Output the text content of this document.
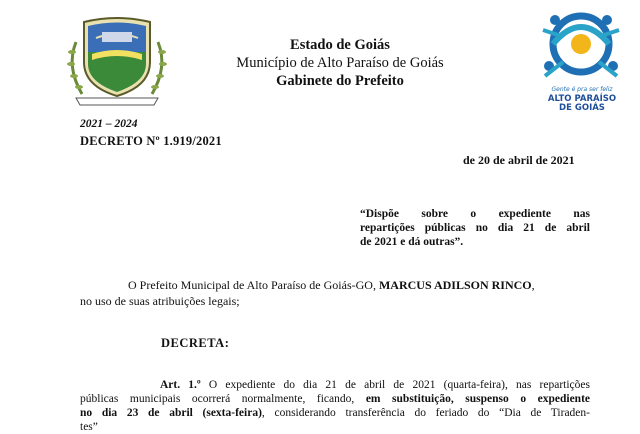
Estado de Goiás
Município de Alto Paraíso de Goiás
Gabinete do Prefeito
Gente é pra ser feliz
ALTO PARAÍSO
DE GOIÁS
2021 – 2024
DECRETO Nº 1.919/2021
de 20 de abril de 2021
“Dispõe sobre o expediente nas
repartições públicas no dia 21 de abril
de 2021 e dá outras”.
O Prefeito Municipal de Alto Paraíso de Goiás-GO, MARCUS ADILSON RINCO,
no uso de suas atribuições legais;
DECRETA:
Art. 1.º O expediente do dia 21 de abril de 2021 (quarta-feira), nas repartições
públicas municipais ocorrerá normalmente, ficando, em substituição, suspenso o expediente
no dia 23 de abril (sexta-feira), considerando transferência do feriado do “Dia de Tiraden-
tes”
